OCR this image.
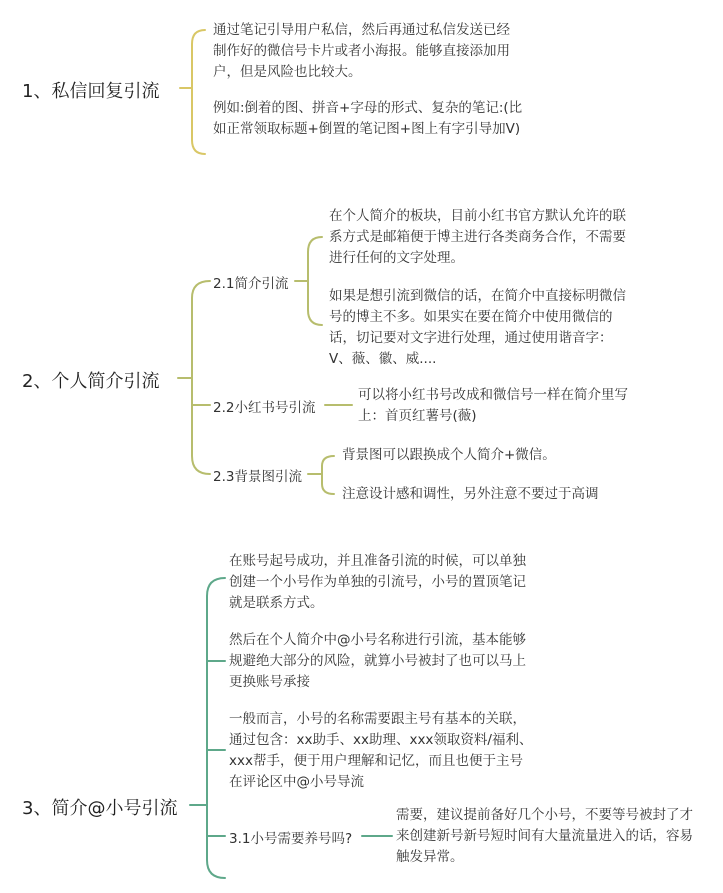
1、私信回复引流
通过笔记引导用户私信，然后再通过私信发送已经制作好的微信号卡片或者小海报。能够直接添加用户，但是风险也比较大。
例如:倒着的图、拼音+字母的形式、复杂的笔记:(比如正常领取标题+倒置的笔记图+图上有字引导加V)
2、个人简介引流
2.1简介引流
在个人简介的板块，目前小红书官方默认允许的联系方式是邮箱便于博主进行各类商务合作，不需要进行任何的文字处理。
如果是想引流到微信的话，在简介中直接标明微信号的博主不多。如果实在要在简介中使用微信的话，切记要对文字进行处理，通过使用谐音字：V、薇、徽、威....
2.2小红书号引流
可以将小红书号改成和微信号一样在简介里写上：首页红薯号(薇)
2.3背景图引流
背景图可以跟换成个人简介+微信。
注意设计感和调性，另外注意不要过于高调
3、简介@小号引流
在账号起号成功，并且准备引流的时候，可以单独创建一个小号作为单独的引流号，小号的置顶笔记就是联系方式。
然后在个人简介中@小号名称进行引流，基本能够规避绝大部分的风险，就算小号被封了也可以马上更换账号承接
一般而言，小号的名称需要跟主号有基本的关联，通过包含：xx助手、xx助理、xxx领取资料/福利、xxx帮手，便于用户理解和记忆，而且也便于主号在评论区中@小号导流
3.1小号需要养号吗?
需要，建议提前备好几个小号，不要等号被封了才来创建新号新号短时间有大量流量进入的话，容易触发异常。
